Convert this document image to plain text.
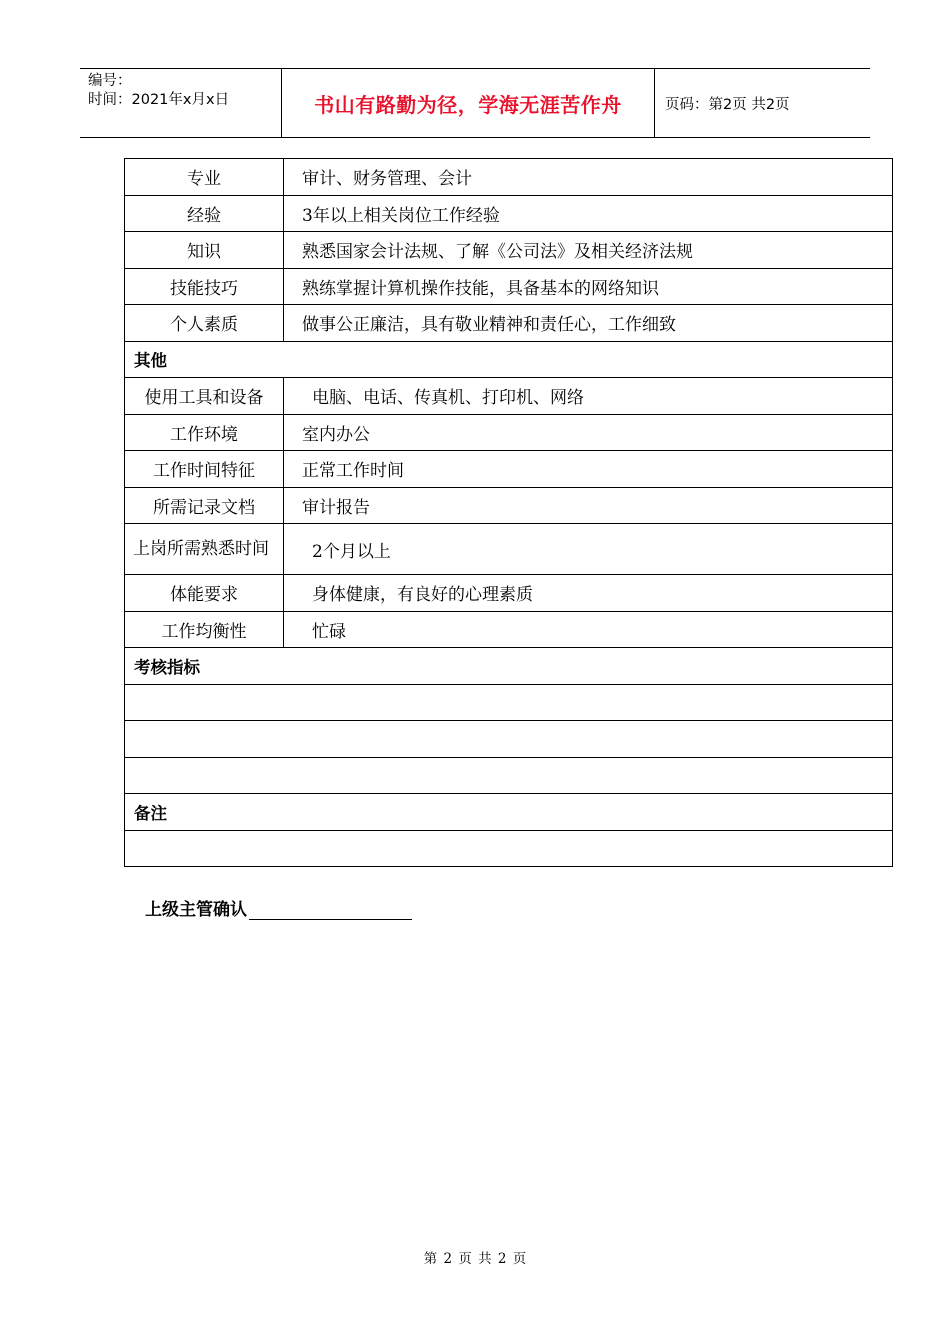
编号：
时间：2021年x月x日	书山有路勤为径，学海无涯苦作舟	页码：第2页 共2页
专业	审计、财务管理、会计
经验	3年以上相关岗位工作经验
知识	熟悉国家会计法规、了解《公司法》及相关经济法规
技能技巧	熟练掌握计算机操作技能，具备基本的网络知识
个人素质	做事公正廉洁，具有敬业精神和责任心，工作细致
其他	
使用工具和设备	电脑、电话、传真机、打印机、网络
工作环境	室内办公
工作时间特征	正常工作时间
所需记录文档	审计报告
上岗所需熟悉时间	2个月以上
体能要求	身体健康，有良好的心理素质
工作均衡性	忙碌
考核指标	

备注	

上级主管确认
第 2 页 共 2 页
